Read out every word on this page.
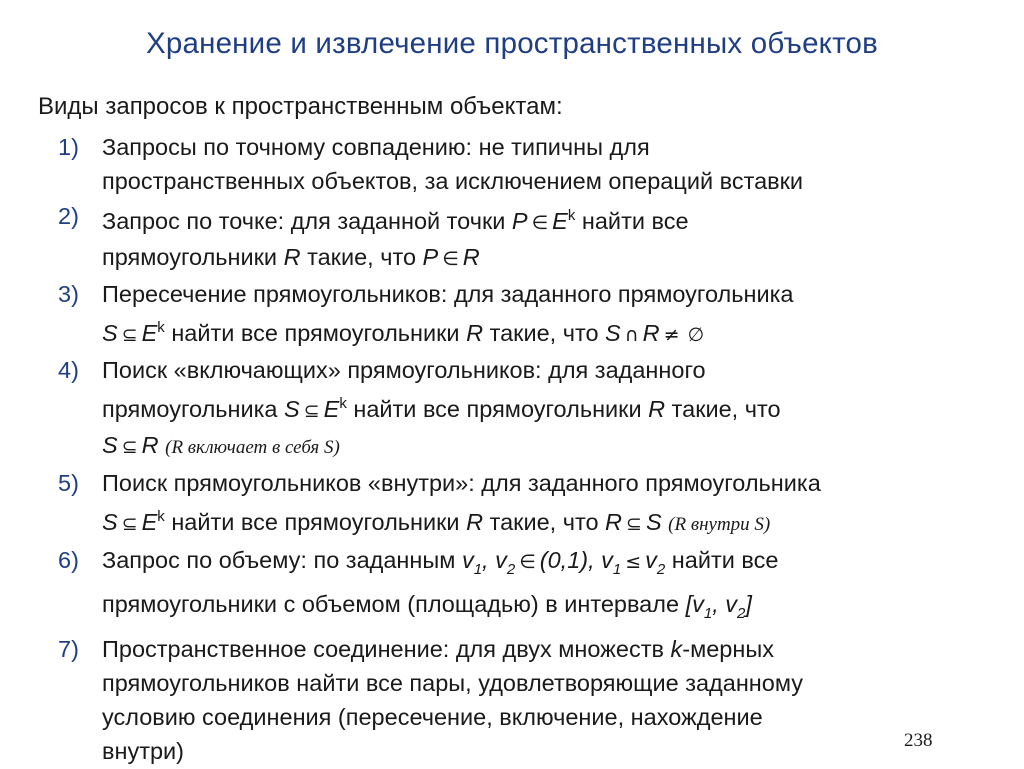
Хранение и извлечение пространственных объектов
Виды запросов к пространственным объектам:
1) Запросы по точному совпадению: не типичны для
пространственных объектов, за исключением операций вставки
2) Запрос по точке: для заданной точки P ∈ $E^k$ найти все
прямоугольники R такие, что P ∈ R
3) Пересечение прямоугольников: для заданного прямоугольника
S ⊆ $E^k$ найти все прямоугольники R такие, что S ∩ R ≠ ∅
4) Поиск «включающих» прямоугольников: для заданного
прямоугольника S ⊆ $E^k$ найти все прямоугольники R такие, что
S ⊆ R (R включает в себя S)
5) Поиск прямоугольников «внутри»: для заданного прямоугольника
S ⊆ $E^k$ найти все прямоугольники R такие, что R ⊆ S (R внутри S)
6) Запрос по объему: по заданным $v_1$, $v_2$ ∈ (0,1), $v_1 \le v_2$ найти все
прямоугольники с объемом (площадью) в интервале [$v_1$, $v_2$]
7) Пространственное соединение: для двух множеств k-мерных
прямоугольников найти все пары, удовлетворяющие заданному
условию соединения (пересечение, включение, нахождение
внутри)	238
